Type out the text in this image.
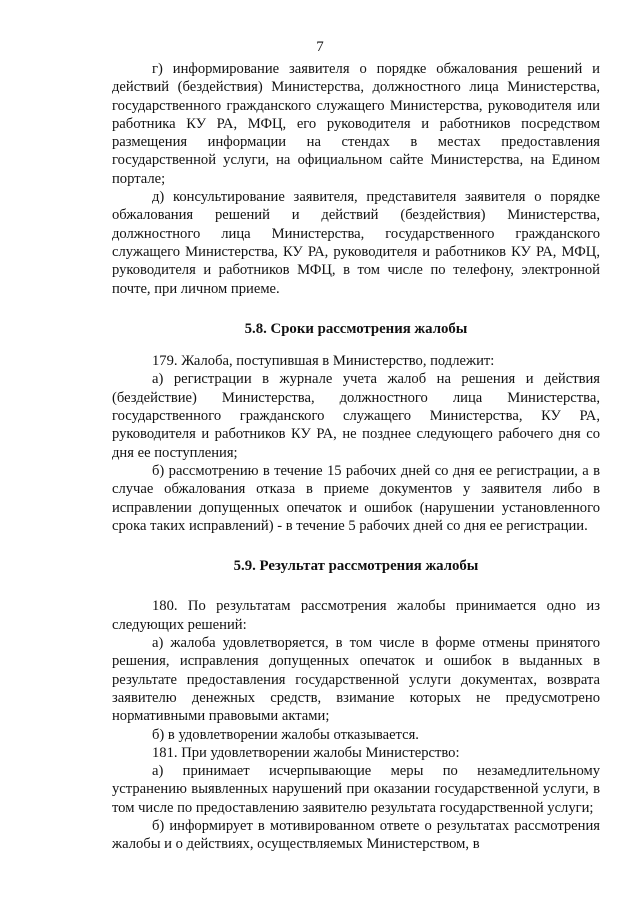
7

г) информирование заявителя о порядке обжалования решений и действий (бездействия) Министерства, должностного лица Министерства, государственного гражданского служащего Министерства, руководителя или работника КУ РА, МФЦ, его руководителя и работников посредством размещения информации на стендах в местах предоставления государственной услуги, на официальном сайте Министерства, на Едином портале;

д) консультирование заявителя, представителя заявителя о порядке обжалования решений и действий (бездействия) Министерства, должностного лица Министерства, государственного гражданского служащего Министерства, КУ РА, руководителя и работников КУ РА, МФЦ, руководителя и работников МФЦ, в том числе по телефону, электронной почте, при личном приеме.

5.8. Сроки рассмотрения жалобы

179. Жалоба, поступившая в Министерство, подлежит:

а) регистрации в журнале учета жалоб на решения и действия (бездействие) Министерства, должностного лица Министерства, государственного гражданского служащего Министерства, КУ РА, руководителя и работников КУ РА, не позднее следующего рабочего дня со дня ее поступления;

б) рассмотрению в течение 15 рабочих дней со дня ее регистрации, а в случае обжалования отказа в приеме документов у заявителя либо в исправлении допущенных опечаток и ошибок (нарушении установленного срока таких исправлений) - в течение 5 рабочих дней со дня ее регистрации.

5.9. Результат рассмотрения жалобы

180. По результатам рассмотрения жалобы принимается одно из следующих решений:

а) жалоба удовлетворяется, в том числе в форме отмены принятого решения, исправления допущенных опечаток и ошибок в выданных в результате предоставления государственной услуги документах, возврата заявителю денежных средств, взимание которых не предусмотрено нормативными правовыми актами;

б) в удовлетворении жалобы отказывается.

181. При удовлетворении жалобы Министерство:

а) принимает исчерпывающие меры по незамедлительному устранению выявленных нарушений при оказании государственной услуги, в том числе по предоставлению заявителю результата государственной услуги;

б) информирует в мотивированном ответе о результатах рассмотрения жалобы и о действиях, осуществляемых Министерством, в
